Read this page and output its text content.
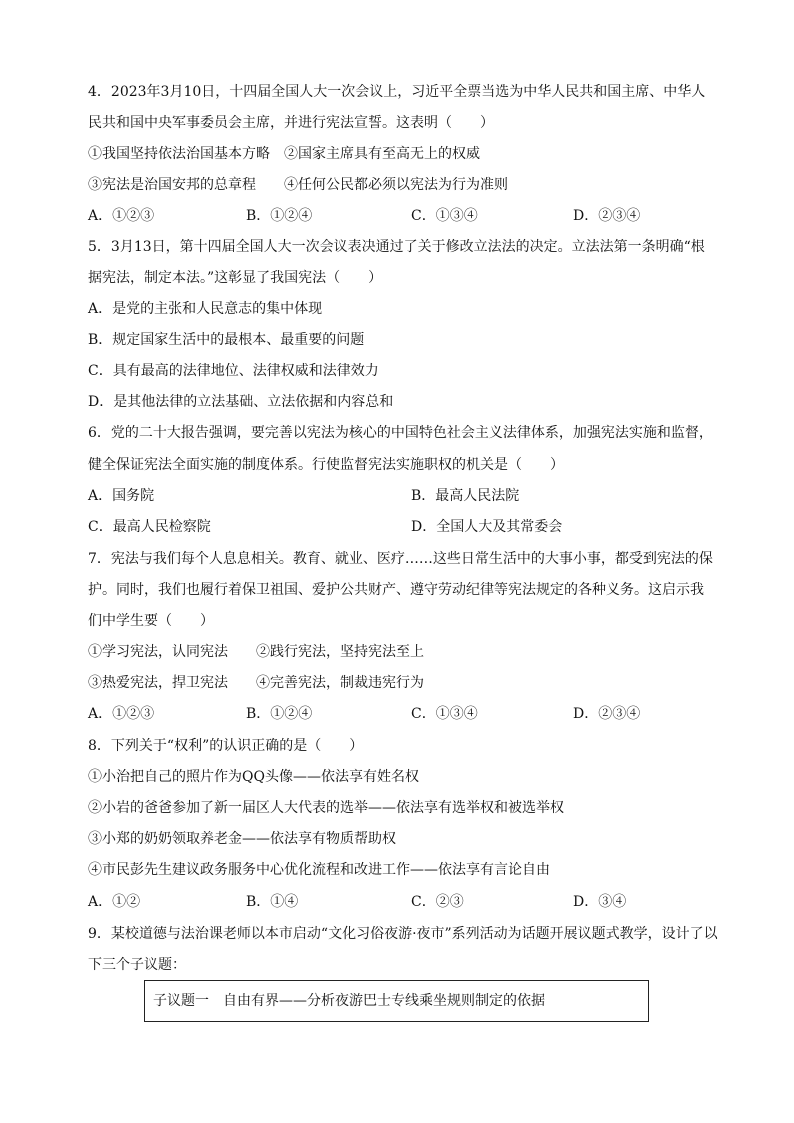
4．2023年3月10日，十四届全国人大一次会议上，习近平全票当选为中华人民共和国主席、中华人
民共和国中央军事委员会主席，并进行宪法宣誓。这表明（　　）
①我国坚持依法治国基本方略　②国家主席具有至高无上的权威
③宪法是治国安邦的总章程　　④任何公民都必须以宪法为行为准则
A．①②③	B．①②④	C．①③④	D．②③④
5．3月13日，第十四届全国人大一次会议表决通过了关于修改立法法的决定。立法法第一条明确“根
据宪法，制定本法。”这彰显了我国宪法（　　）
A．是党的主张和人民意志的集中体现
B．规定国家生活中的最根本、最重要的问题
C．具有最高的法律地位、法律权威和法律效力
D．是其他法律的立法基础、立法依据和内容总和
6．党的二十大报告强调，要完善以宪法为核心的中国特色社会主义法律体系，加强宪法实施和监督，
健全保证宪法全面实施的制度体系。行使监督宪法实施职权的机关是（　　）
A．国务院	B．最高人民法院
C．最高人民检察院	D．全国人大及其常委会
7．宪法与我们每个人息息相关。教育、就业、医疗……这些日常生活中的大事小事，都受到宪法的保
护。同时，我们也履行着保卫祖国、爱护公共财产、遵守劳动纪律等宪法规定的各种义务。这启示我
们中学生要（　　）
①学习宪法，认同宪法　　②践行宪法，坚持宪法至上
③热爱宪法，捍卫宪法　　④完善宪法，制裁违宪行为
A．①②③	B．①②④	C．①③④	D．②③④
8．下列关于“权利”的认识正确的是（　　）
①小治把自己的照片作为QQ头像——依法享有姓名权
②小岩的爸爸参加了新一届区人大代表的选举——依法享有选举权和被选举权
③小郑的奶奶领取养老金——依法享有物质帮助权
④市民彭先生建议政务服务中心优化流程和改进工作——依法享有言论自由
A．①②	B．①④	C．②③	D．③④
9．某校道德与法治课老师以本市启动“文化习俗夜游·夜市”系列活动为话题开展议题式教学，设计了以
下三个子议题：
子议题一　自由有界——分析夜游巴士专线乘坐规则制定的依据
